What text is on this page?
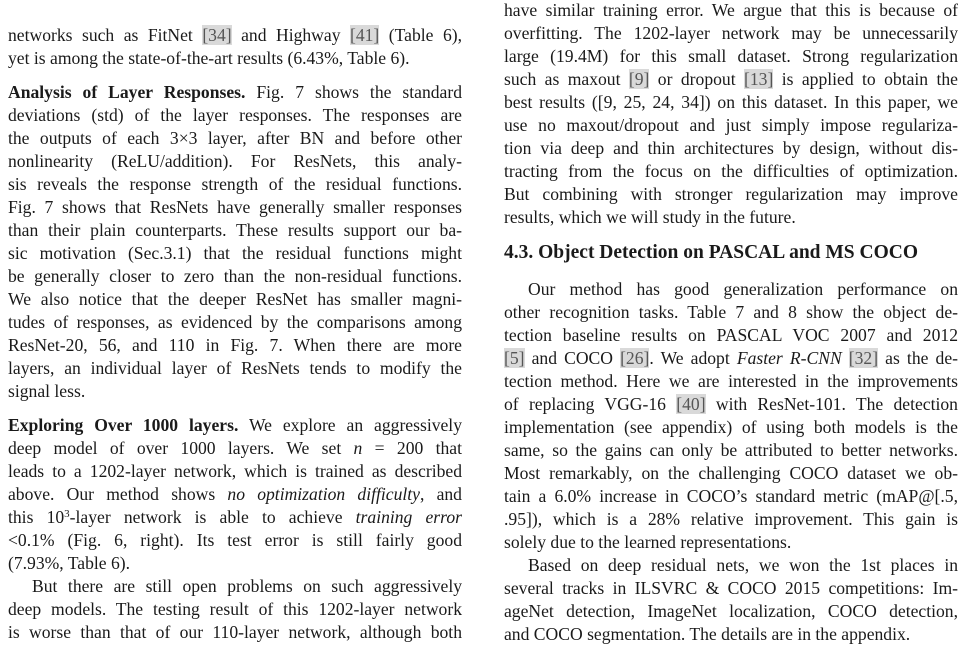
networks such as FitNet [34] and Highway [41] (Table 6),
yet is among the state-of-the-art results (6.43%, Table 6).
Analysis of Layer Responses. Fig. 7 shows the standard
deviations (std) of the layer responses. The responses are
the outputs of each 3×3 layer, after BN and before other
nonlinearity (ReLU/addition). For ResNets, this analy-
sis reveals the response strength of the residual functions.
Fig. 7 shows that ResNets have generally smaller responses
than their plain counterparts. These results support our ba-
sic motivation (Sec.3.1) that the residual functions might
be generally closer to zero than the non-residual functions.
We also notice that the deeper ResNet has smaller magni-
tudes of responses, as evidenced by the comparisons among
ResNet-20, 56, and 110 in Fig. 7. When there are more
layers, an individual layer of ResNets tends to modify the
signal less.
Exploring Over 1000 layers. We explore an aggressively
deep model of over 1000 layers. We set n = 200 that
leads to a 1202-layer network, which is trained as described
above. Our method shows no optimization difficulty, and
this $10^3$-layer network is able to achieve training error
<0.1% (Fig. 6, right). Its test error is still fairly good
(7.93%, Table 6).
But there are still open problems on such aggressively
deep models. The testing result of this 1202-layer network
is worse than that of our 110-layer network, although both
have similar training error. We argue that this is because of
overfitting. The 1202-layer network may be unnecessarily
large (19.4M) for this small dataset. Strong regularization
such as maxout [9] or dropout [13] is applied to obtain the
best results ([9, 25, 24, 34]) on this dataset. In this paper, we
use no maxout/dropout and just simply impose regulariza-
tion via deep and thin architectures by design, without dis-
tracting from the focus on the difficulties of optimization.
But combining with stronger regularization may improve
results, which we will study in the future.
4.3. Object Detection on PASCAL and MS COCO
Our method has good generalization performance on
other recognition tasks. Table 7 and 8 show the object de-
tection baseline results on PASCAL VOC 2007 and 2012
[5] and COCO [26]. We adopt Faster R-CNN [32] as the de-
tection method. Here we are interested in the improvements
of replacing VGG-16 [40] with ResNet-101. The detection
implementation (see appendix) of using both models is the
same, so the gains can only be attributed to better networks.
Most remarkably, on the challenging COCO dataset we ob-
tain a 6.0% increase in COCO’s standard metric (mAP@[.5,
.95]), which is a 28% relative improvement. This gain is
solely due to the learned representations.
Based on deep residual nets, we won the 1st places in
several tracks in ILSVRC & COCO 2015 competitions: Im-
ageNet detection, ImageNet localization, COCO detection,
and COCO segmentation. The details are in the appendix.
